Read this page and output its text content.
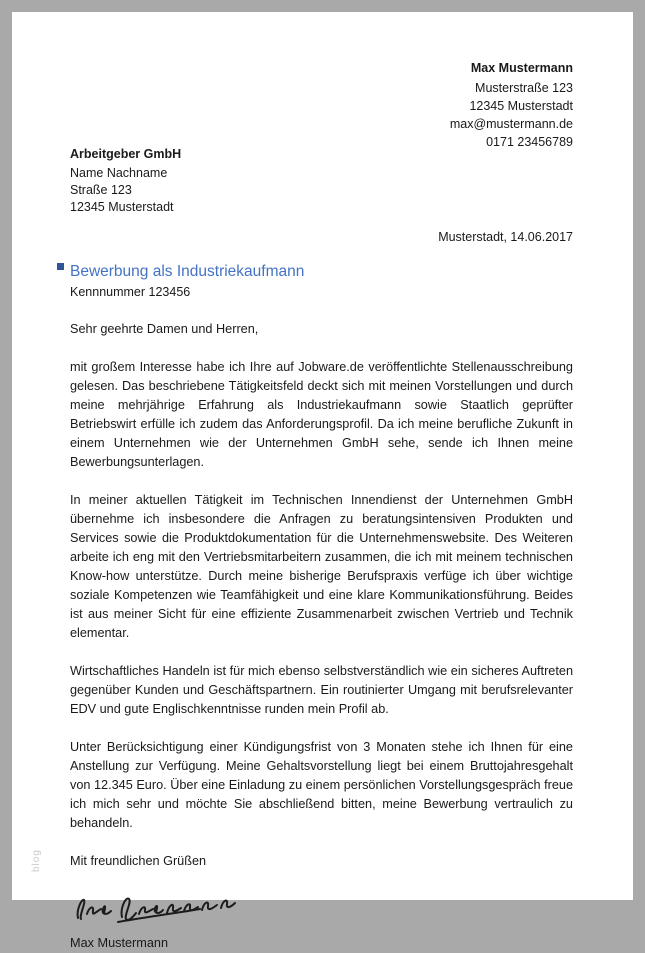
Max Mustermann
Musterstraße 123
12345 Musterstadt
max@mustermann.de
0171 23456789
Arbeitgeber GmbH
Name Nachname
Straße 123
12345 Musterstadt
Musterstadt, 14.06.2017
Bewerbung als Industriekaufmann
Kennnummer 123456

Sehr geehrte Damen und Herren,

mit großem Interesse habe ich Ihre auf Jobware.de veröffentlichte Stellenausschreibung gelesen. Das beschriebene Tätigkeitsfeld deckt sich mit meinen Vorstellungen und durch meine mehrjährige Erfahrung als Industriekaufmann sowie Staatlich geprüfter Betriebswirt erfülle ich zudem das Anforderungsprofil. Da ich meine berufliche Zukunft in einem Unternehmen wie der Unternehmen GmbH sehe, sende ich Ihnen meine Bewerbungsunterlagen.

In meiner aktuellen Tätigkeit im Technischen Innendienst der Unternehmen GmbH übernehme ich insbesondere die Anfragen zu beratungsintensiven Produkten und Services sowie die Produktdokumentation für die Unternehmenswebsite. Des Weiteren arbeite ich eng mit den Vertriebsmitarbeitern zusammen, die ich mit meinem technischen Know-how unterstütze. Durch meine bisherige Berufspraxis verfüge ich über wichtige soziale Kompetenzen wie Teamfähigkeit und eine klare Kommunikationsführung. Beides ist aus meiner Sicht für eine effiziente Zusammenarbeit zwischen Vertrieb und Technik elementar.

Wirtschaftliches Handeln ist für mich ebenso selbstverständlich wie ein sicheres Auftreten gegenüber Kunden und Geschäftspartnern. Ein routinierter Umgang mit berufsrelevanter EDV und gute Englischkenntnisse runden mein Profil ab.

Unter Berücksichtigung einer Kündigungsfrist von 3 Monaten stehe ich Ihnen für eine Anstellung zur Verfügung. Meine Gehaltsvorstellung liegt bei einem Bruttojahresgehalt von 12.345 Euro. Über eine Einladung zu einem persönlichen Vorstellungsgespräch freue ich mich sehr und möchte Sie abschließend bitten, meine Bewerbung vertraulich zu behandeln.

Mit freundlichen Grüßen

Max Mustermann
blog
